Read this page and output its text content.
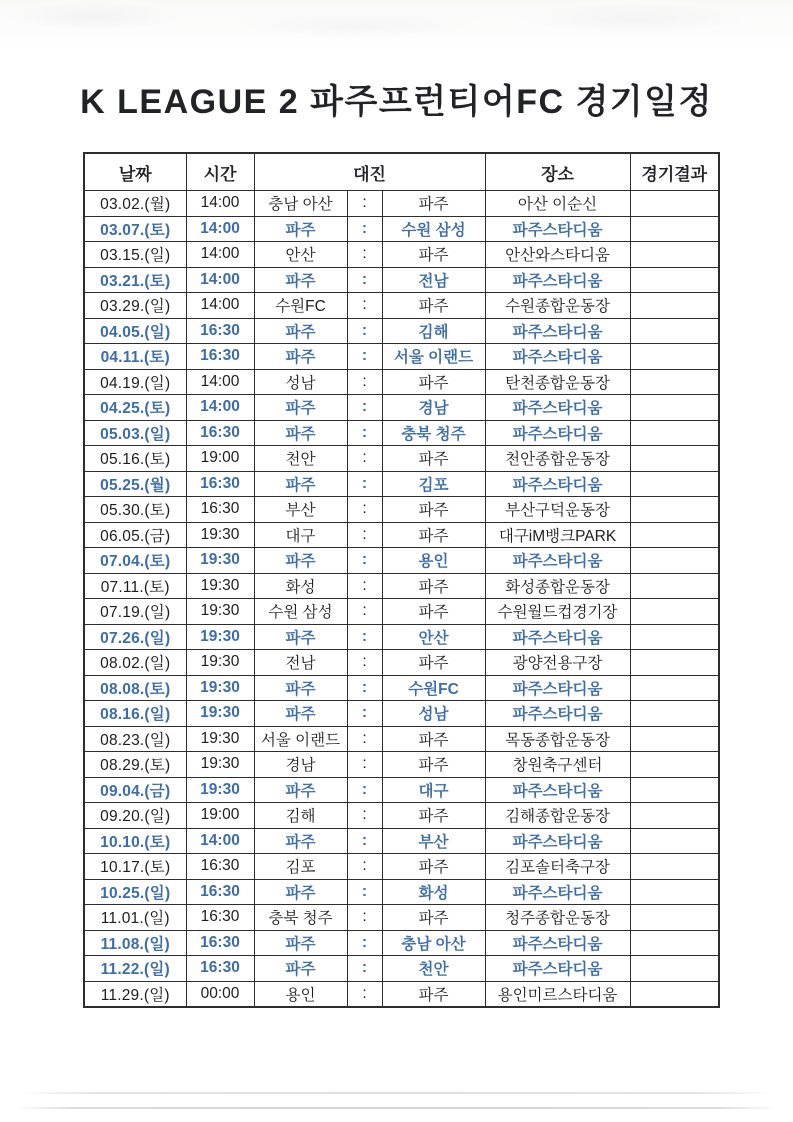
K LEAGUE 2 파주프런티어FC 경기일정
날짜	시간	대진			장소	경기결과
03.02.(월)	14:00	충남 아산	:	파주	아산 이순신	
03.07.(토)	14:00	파주	:	수원 삼성	파주스타디움	
03.15.(일)	14:00	안산	:	파주	안산와스타디움	
03.21.(토)	14:00	파주	:	전남	파주스타디움	
03.29.(일)	14:00	수원FC	:	파주	수원종합운동장	
04.05.(일)	16:30	파주	:	김해	파주스타디움	
04.11.(토)	16:30	파주	:	서울 이랜드	파주스타디움	
04.19.(일)	14:00	성남	:	파주	탄천종합운동장	
04.25.(토)	14:00	파주	:	경남	파주스타디움	
05.03.(일)	16:30	파주	:	충북 청주	파주스타디움	
05.16.(토)	19:00	천안	:	파주	천안종합운동장	
05.25.(월)	16:30	파주	:	김포	파주스타디움	
05.30.(토)	16:30	부산	:	파주	부산구덕운동장	
06.05.(금)	19:30	대구	:	파주	대구iM뱅크PARK	
07.04.(토)	19:30	파주	:	용인	파주스타디움	
07.11.(토)	19:30	화성	:	파주	화성종합운동장	
07.19.(일)	19:30	수원 삼성	:	파주	수원월드컵경기장	
07.26.(일)	19:30	파주	:	안산	파주스타디움	
08.02.(일)	19:30	전남	:	파주	광양전용구장	
08.08.(토)	19:30	파주	:	수원FC	파주스타디움	
08.16.(일)	19:30	파주	:	성남	파주스타디움	
08.23.(일)	19:30	서울 이랜드	:	파주	목동종합운동장	
08.29.(토)	19:30	경남	:	파주	창원축구센터	
09.04.(금)	19:30	파주	:	대구	파주스타디움	
09.20.(일)	19:00	김해	:	파주	김해종합운동장	
10.10.(토)	14:00	파주	:	부산	파주스타디움	
10.17.(토)	16:30	김포	:	파주	김포솔터축구장	
10.25.(일)	16:30	파주	:	화성	파주스타디움	
11.01.(일)	16:30	충북 청주	:	파주	청주종합운동장	
11.08.(일)	16:30	파주	:	충남 아산	파주스타디움	
11.22.(일)	16:30	파주	:	천안	파주스타디움	
11.29.(일)	00:00	용인	:	파주	용인미르스타디움	
